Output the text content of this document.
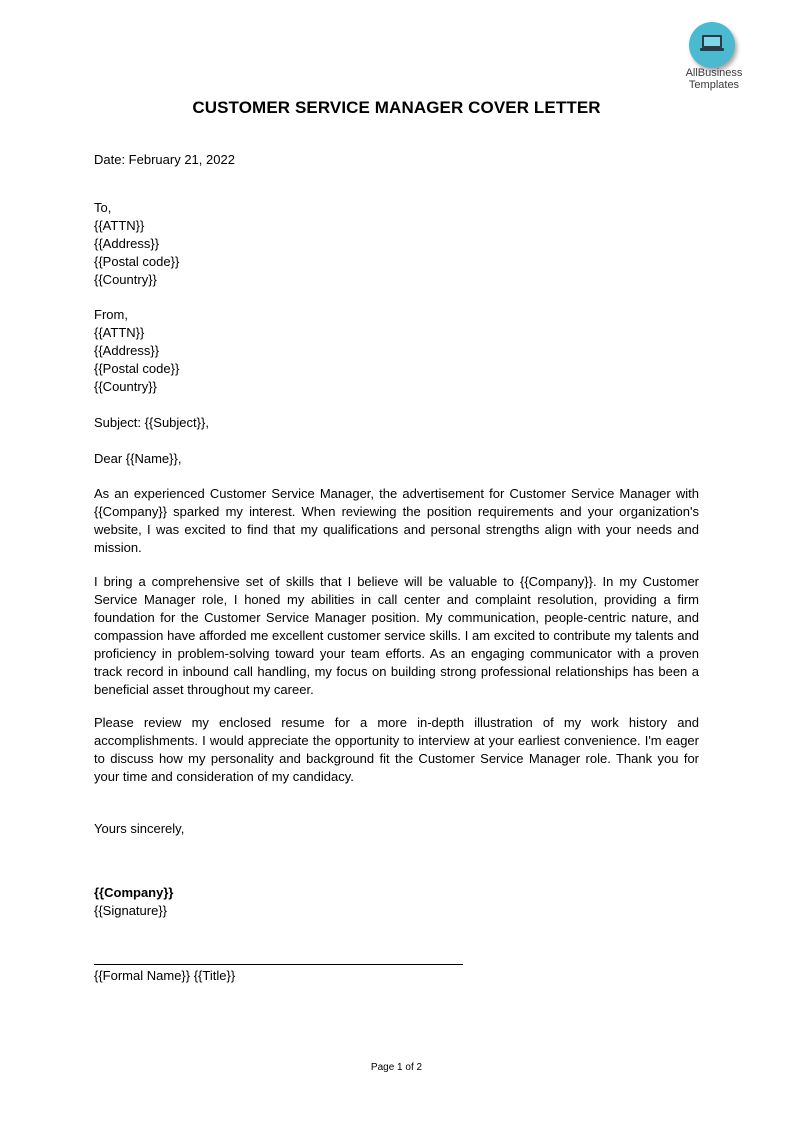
AllBusiness
Templates
CUSTOMER SERVICE MANAGER COVER LETTER
Date: February 21, 2022
To,
{{ATTN}}
{{Address}}
{{Postal code}}
{{Country}}
From,
{{ATTN}}
{{Address}}
{{Postal code}}
{{Country}}
Subject: {{Subject}},
Dear {{Name}},
As an experienced Customer Service Manager, the advertisement for Customer Service Manager with {{Company}} sparked my interest. When reviewing the position requirements and your organization's website, I was excited to find that my qualifications and personal strengths align with your needs and mission.
I bring a comprehensive set of skills that I believe will be valuable to {{Company}}. In my Customer Service Manager role, I honed my abilities in call center and complaint resolution, providing a firm foundation for the Customer Service Manager position. My communication, people-centric nature, and compassion have afforded me excellent customer service skills. I am excited to contribute my talents and proficiency in problem-solving toward your team efforts. As an engaging communicator with a proven track record in inbound call handling, my focus on building strong professional relationships has been a beneficial asset throughout my career.
Please review my enclosed resume for a more in-depth illustration of my work history and accomplishments. I would appreciate the opportunity to interview at your earliest convenience. I'm eager to discuss how my personality and background fit the Customer Service Manager role. Thank you for your time and consideration of my candidacy.
Yours sincerely,
{{Company}}
{{Signature}}
{{Formal Name}} {{Title}}
Page 1 of 2
